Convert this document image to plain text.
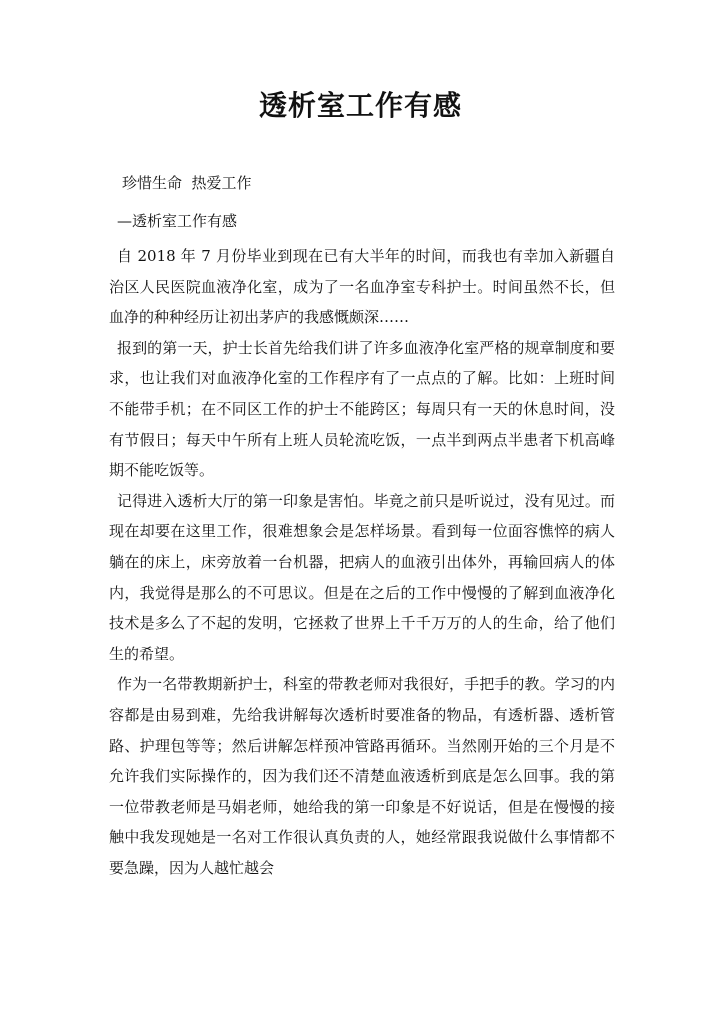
透析室工作有感
珍惜生命  热爱工作
—透析室工作有感

自 2018 年 7 月份毕业到现在已有大半年的时间，而我也有幸加入新疆自治区人民医院血液净化室，成为了一名血净室专科护士。时间虽然不长，但血净的种种经历让初出茅庐的我感慨颇深……

报到的第一天，护士长首先给我们讲了许多血液净化室严格的规章制度和要求，也让我们对血液净化室的工作程序有了一点点的了解。比如：上班时间不能带手机；在不同区工作的护士不能跨区；每周只有一天的休息时间，没有节假日；每天中午所有上班人员轮流吃饭，一点半到两点半患者下机高峰期不能吃饭等。

记得进入透析大厅的第一印象是害怕。毕竟之前只是听说过，没有见过。而现在却要在这里工作，很难想象会是怎样场景。看到每一位面容憔悴的病人躺在的床上，床旁放着一台机器，把病人的血液引出体外，再输回病人的体内，我觉得是那么的不可思议。但是在之后的工作中慢慢的了解到血液净化技术是多么了不起的发明，它拯救了世界上千千万万的人的生命，给了他们生的希望。

作为一名带教期新护士，科室的带教老师对我很好，手把手的教。学习的内容都是由易到难，先给我讲解每次透析时要准备的物品，有透析器、透析管路、护理包等等；然后讲解怎样预冲管路再循环。当然刚开始的三个月是不允许我们实际操作的，因为我们还不清楚血液透析到底是怎么回事。我的第一位带教老师是马娟老师，她给我的第一印象是不好说话，但是在慢慢的接触中我发现她是一名对工作很认真负责的人，她经常跟我说做什么事情都不要急躁，因为人越忙越会
